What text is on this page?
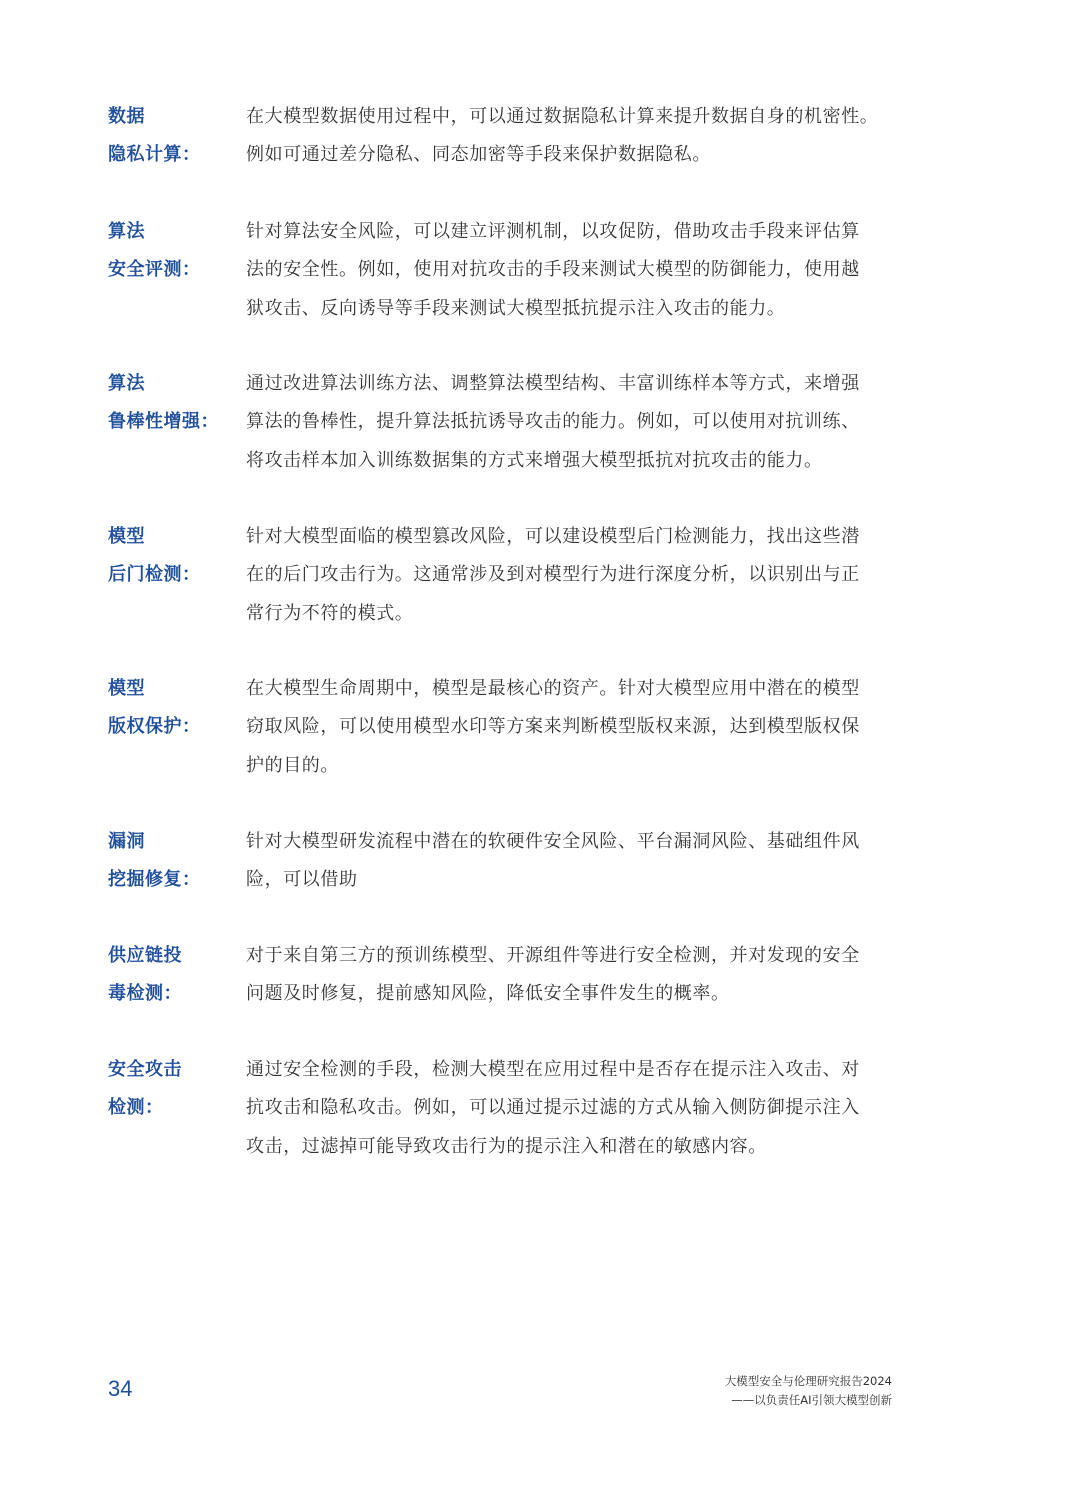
数据
隐私计算：
在大模型数据使用过程中，可以通过数据隐私计算来提升数据自身的机密性。
例如可通过差分隐私、同态加密等手段来保护数据隐私。
算法
安全评测：
针对算法安全风险，可以建立评测机制，以攻促防，借助攻击手段来评估算
法的安全性。例如，使用对抗攻击的手段来测试大模型的防御能力，使用越
狱攻击、反向诱导等手段来测试大模型抵抗提示注入攻击的能力。
算法
鲁棒性增强：
通过改进算法训练方法、调整算法模型结构、丰富训练样本等方式，来增强
算法的鲁棒性，提升算法抵抗诱导攻击的能力。例如，可以使用对抗训练、
将攻击样本加入训练数据集的方式来增强大模型抵抗对抗攻击的能力。
模型
后门检测：
针对大模型面临的模型篡改风险，可以建设模型后门检测能力，找出这些潜
在的后门攻击行为。这通常涉及到对模型行为进行深度分析，以识别出与正
常行为不符的模式。
模型
版权保护：
在大模型生命周期中，模型是最核心的资产。针对大模型应用中潜在的模型
窃取风险，可以使用模型水印等方案来判断模型版权来源，达到模型版权保
护的目的。
漏洞
挖掘修复：
针对大模型研发流程中潜在的软硬件安全风险、平台漏洞风险、基础组件风
险，可以借助
供应链投
毒检测：
对于来自第三方的预训练模型、开源组件等进行安全检测，并对发现的安全
问题及时修复，提前感知风险，降低安全事件发生的概率。
安全攻击
检测：
通过安全检测的手段，检测大模型在应用过程中是否存在提示注入攻击、对
抗攻击和隐私攻击。例如，可以通过提示过滤的方式从输入侧防御提示注入
攻击，过滤掉可能导致攻击行为的提示注入和潜在的敏感内容。
34	大模型安全与伦理研究报告2024
——以负责任AI引领大模型创新
